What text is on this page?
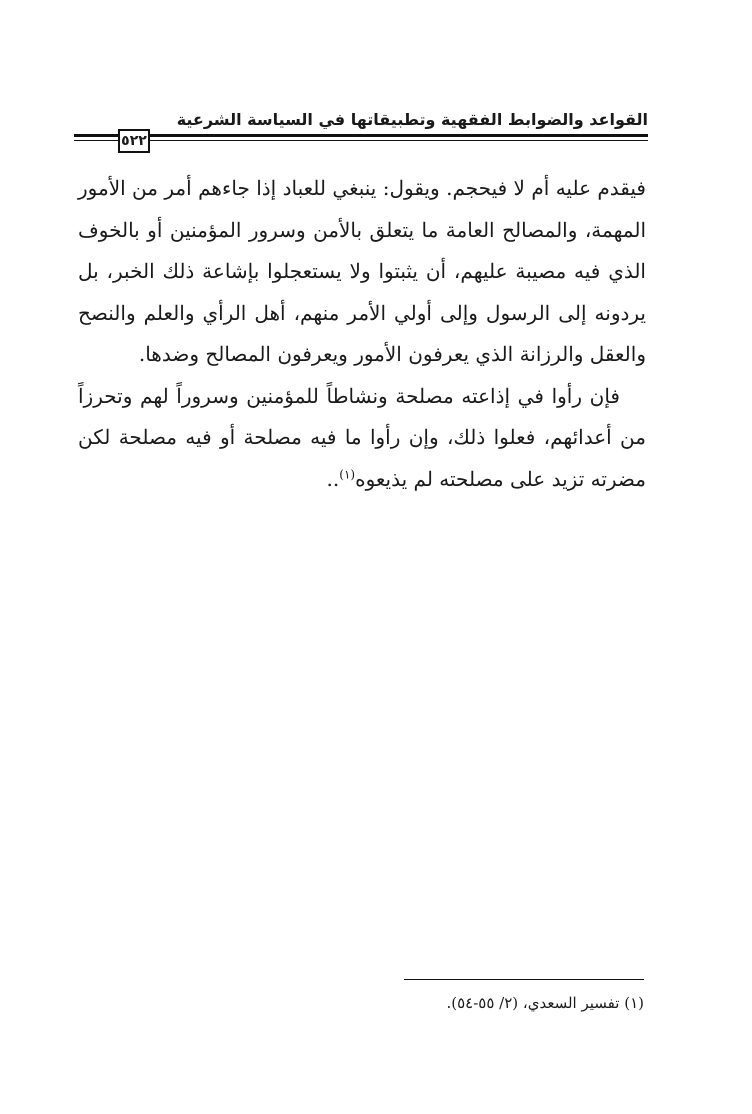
القواعد والضوابط الفقهية وتطبيقاتها في السياسة الشرعية
٥٢٢

فيقدم عليه أم لا فيحجم. ويقول: ينبغي للعباد إذا جاءهم أمر من الأمور المهمة، والمصالح العامة ما يتعلق بالأمن وسرور المؤمنين أو بالخوف الذي فيه مصيبة عليهم، أن يثبتوا ولا يستعجلوا بإشاعة ذلك الخبر، بل يردونه إلى الرسول وإلى أولي الأمر منهم، أهل الرأي والعلم والنصح والعقل والرزانة الذي يعرفون الأمور ويعرفون المصالح وضدها.

فإن رأوا في إذاعته مصلحة ونشاطاً للمؤمنين وسروراً لهم وتحرزاً من أعدائهم، فعلوا ذلك، وإن رأوا ما فيه مصلحة أو فيه مصلحة لكن مضرته تزيد على مصلحته لم يذيعوه$^{(١)}$..

(١) تفسير السعدي، (٢/ ٥٥-٥٤).
